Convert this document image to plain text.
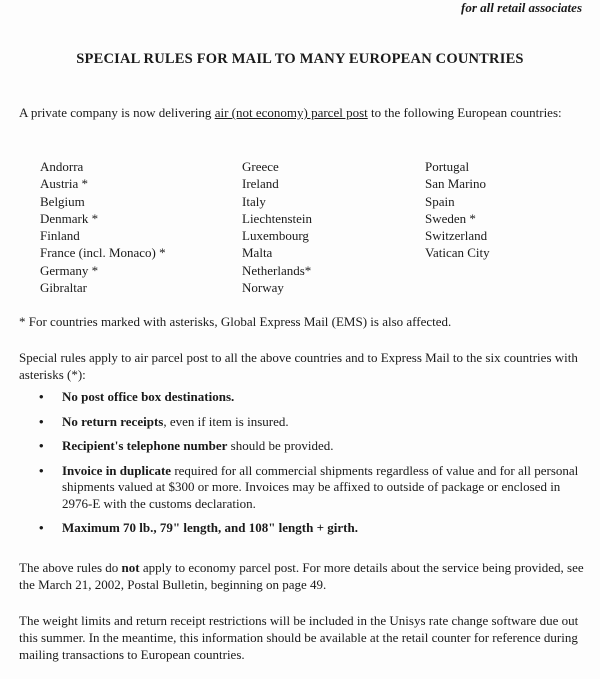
for all retail associates
SPECIAL RULES FOR MAIL TO MANY EUROPEAN COUNTRIES
A private company is now delivering air (not economy) parcel post to the following European countries:
Andorra
Austria *
Belgium
Denmark *
Finland
France (incl. Monaco) *
Germany *
Gibraltar
Greece
Ireland
Italy
Liechtenstein
Luxembourg
Malta
Netherlands*
Norway
Portugal
San Marino
Spain
Sweden *
Switzerland
Vatican City
* For countries marked with asterisks, Global Express Mail (EMS) is also affected.
Special rules apply to air parcel post to all the above countries and to Express Mail to the six countries with asterisks (*):
• No post office box destinations.
• No return receipts, even if item is insured.
• Recipient's telephone number should be provided.
• Invoice in duplicate required for all commercial shipments regardless of value and for all personal shipments valued at $300 or more. Invoices may be affixed to outside of package or enclosed in 2976-E with the customs declaration.
• Maximum 70 lb., 79" length, and 108" length + girth.
The above rules do not apply to economy parcel post. For more details about the service being provided, see the March 21, 2002, Postal Bulletin, beginning on page 49.
The weight limits and return receipt restrictions will be included in the Unisys rate change software due out this summer. In the meantime, this information should be available at the retail counter for reference during mailing transactions to European countries.
